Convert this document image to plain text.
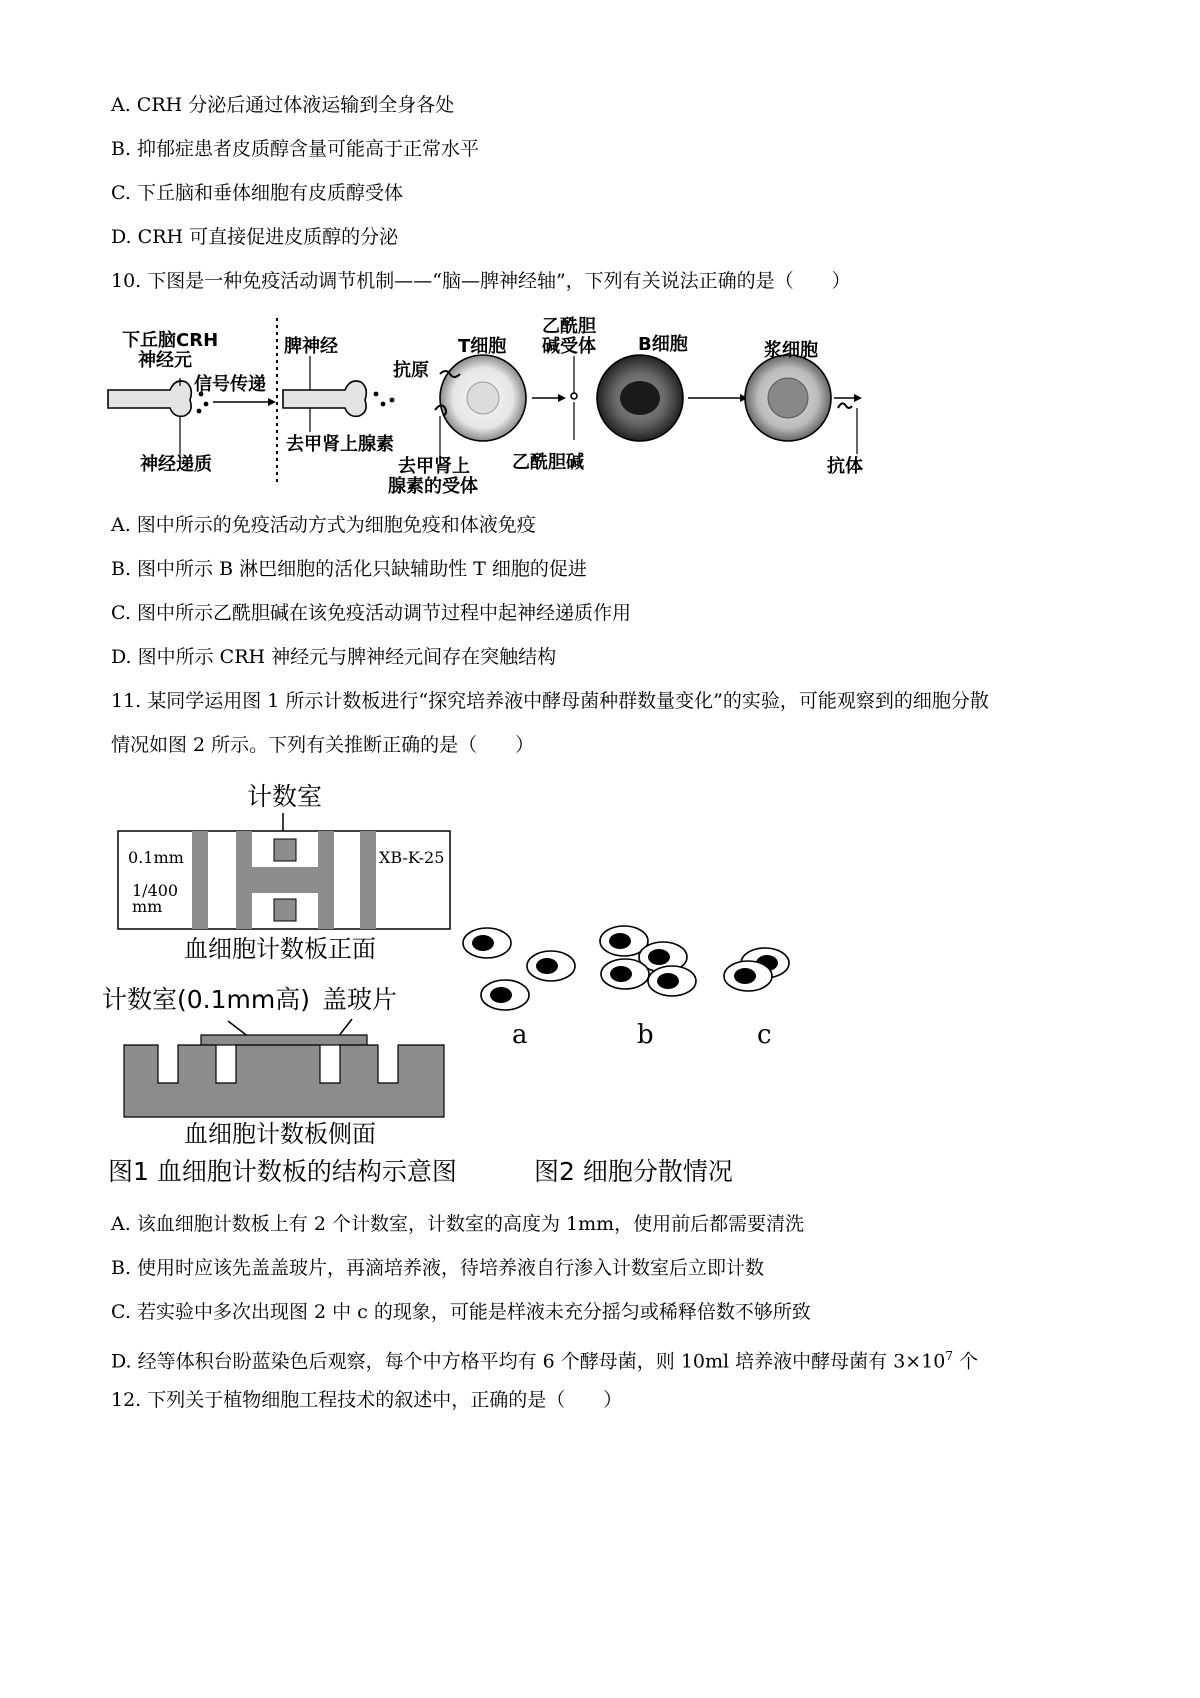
A. CRH 分泌后通过体液运输到全身各处
B. 抑郁症患者皮质醇含量可能高于正常水平
C. 下丘脑和垂体细胞有皮质醇受体
D. CRH 可直接促进皮质醇的分泌
10. 下图是一种免疫活动调节机制——“脑—脾神经轴”，下列有关说法正确的是（　　）
下丘脑CRH
神经元
信号传递
神经递质
脾神经
去甲肾上腺素
T细胞
抗原
去甲肾上
腺素的受体
乙酰胆
碱受体
乙酰胆碱
B细胞	浆细胞
抗体
A. 图中所示的免疫活动方式为细胞免疫和体液免疫
B. 图中所示 B 淋巴细胞的活化只缺辅助性 T 细胞的促进
C. 图中所示乙酰胆碱在该免疫活动调节过程中起神经递质作用
D. 图中所示 CRH 神经元与脾神经元间存在突触结构
11. 某同学运用图 1 所示计数板进行“探究培养液中酵母菌种群数量变化”的实验，可能观察到的细胞分散
情况如图 2 所示。下列有关推断正确的是（　　）
计数室
0.1mm
1/400
mm
XB-K-25
血细胞计数板正面
计数室(0.1mm高) 盖玻片
血细胞计数板侧面
图1 血细胞计数板的结构示意图
a	b	c
图2 细胞分散情况
A. 该血细胞计数板上有 2 个计数室，计数室的高度为 1mm，使用前后都需要清洗
B. 使用时应该先盖盖玻片，再滴培养液，待培养液自行渗入计数室后立即计数
C. 若实验中多次出现图 2 中 c 的现象，可能是样液未充分摇匀或稀释倍数不够所致
D. 经等体积台盼蓝染色后观察，每个中方格平均有 6 个酵母菌，则 10ml 培养液中酵母菌有 $3\times 10^7$ 个
12. 下列关于植物细胞工程技术的叙述中，正确的是（　　）
